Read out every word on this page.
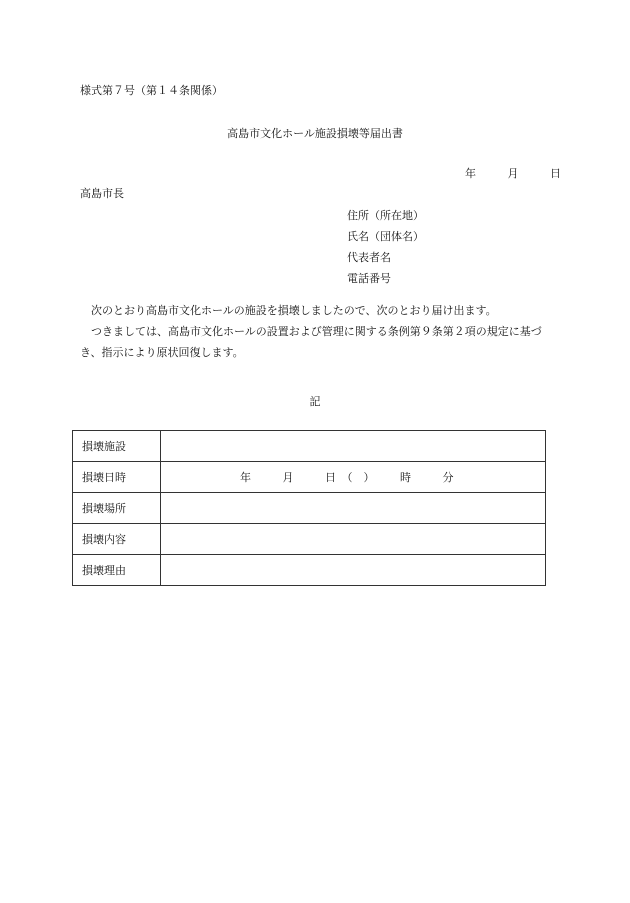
様式第７号（第１４条関係）
高島市文化ホール施設損壊等届出書
年	月	日
高島市長
住所（所在地）
氏名（団体名）
代表者名
電話番号

次のとおり高島市文化ホールの施設を損壊しましたので、次のとおり届け出ます。

つきましては、高島市文化ホールの設置および管理に関する条例第９条第２項の規定に基づき、指示により原状回復します。

記
損壊施設	
損壊日時	年 月 日 （　） 時 分
損壊場所	
損壊内容	
損壊理由	
